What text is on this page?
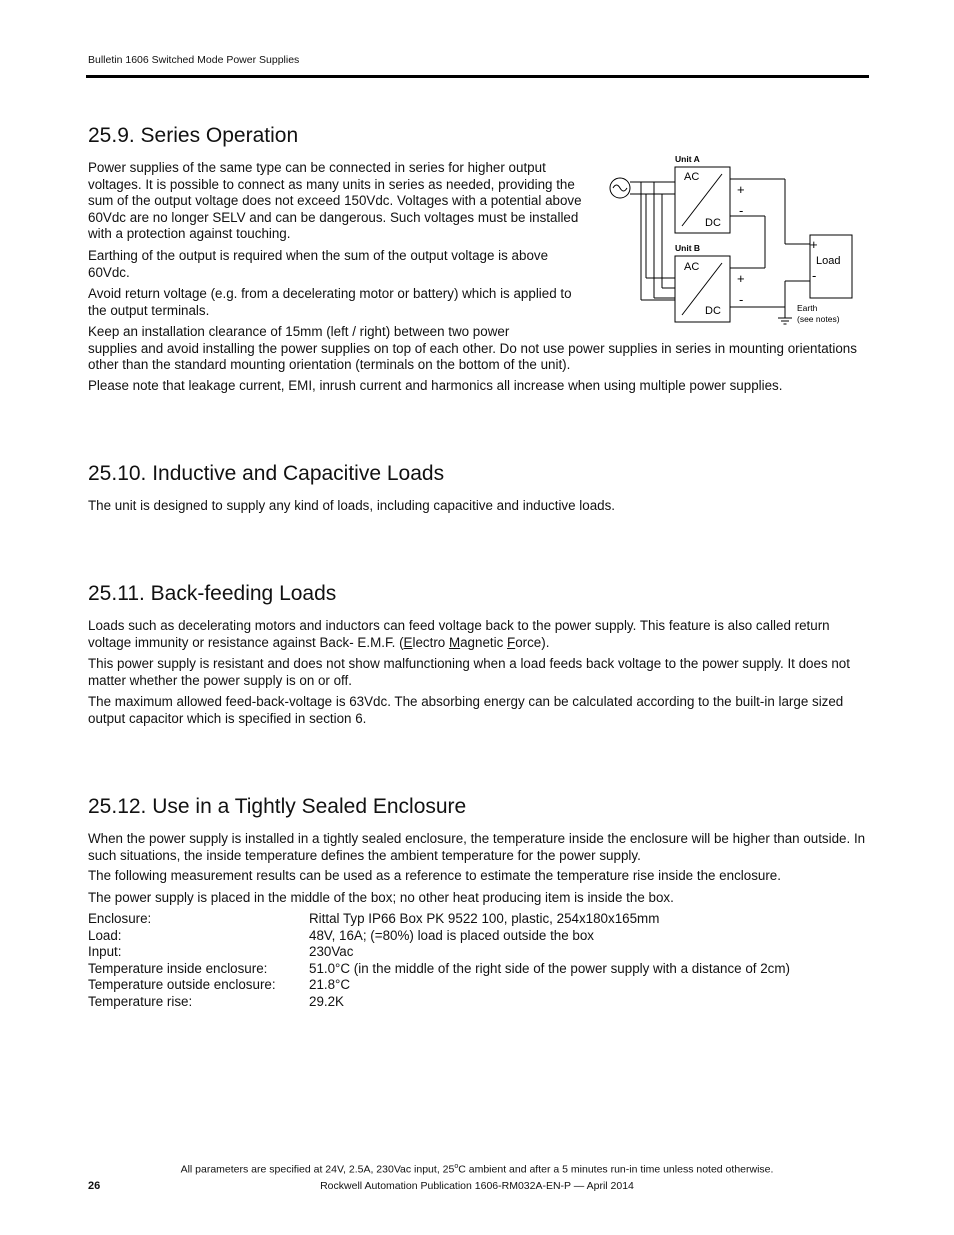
Bulletin 1606 Switched Mode Power Supplies
25.9. Series Operation

Power supplies of the same type can be connected in series for higher output voltages. It is possible to connect as many units in series as needed, providing the sum of the output voltage does not exceed 150Vdc. Voltages with a potential above 60Vdc are no longer SELV and can be dangerous. Such voltages must be installed with a protection against touching.

Earthing of the output is required when the sum of the output voltage is above 60Vdc.

Avoid return voltage (e.g. from a decelerating motor or battery) which is applied to the output terminals.

Keep an installation clearance of 15mm (left / right) between two power
supplies and avoid installing the power supplies on top of each other. Do not use power supplies in series in mounting orientations other than the standard mounting orientation (terminals on the bottom of the unit).

Please note that leakage current, EMI, inrush current and harmonics all increase when using multiple power supplies.

Unit A
Unit B
AC
DC
AC
DC
+
-
+
-
+
Load
-
Earth
(see notes)
25.10. Inductive and Capacitive Loads

The unit is designed to supply any kind of loads, including capacitive and inductive loads.

25.11. Back-feeding Loads

Loads such as decelerating motors and inductors can feed voltage back to the power supply. This feature is also called return voltage immunity or resistance against Back- E.M.F. (Electro Magnetic Force).

This power supply is resistant and does not show malfunctioning when a load feeds back voltage to the power supply. It does not matter whether the power supply is on or off.

The maximum allowed feed-back-voltage is 63Vdc. The absorbing energy can be calculated according to the built-in large sized output capacitor which is specified in section 6.

25.12. Use in a Tightly Sealed Enclosure

When the power supply is installed in a tightly sealed enclosure, the temperature inside the enclosure will be higher than outside. In such situations, the inside temperature defines the ambient temperature for the power supply.

The following measurement results can be used as a reference to estimate the temperature rise inside the enclosure.

The power supply is placed in the middle of the box; no other heat producing item is inside the box.

Enclosure:	Rittal Typ IP66 Box PK 9522 100, plastic, 254x180x165mm
Load:	48V, 16A; (=80%) load is placed outside the box
Input:	230Vac
Temperature inside enclosure:	51.0°C (in the middle of the right side of the power supply with a distance of 2cm)
Temperature outside enclosure: 21.8°C
Temperature rise:	29.2K
All parameters are specified at 24V, 2.5A, 230Vac input, 25$^o$C ambient and after a 5 minutes run-in time unless noted otherwise.
26	Rockwell Automation Publication 1606-RM032A-EN-P — April 2014
